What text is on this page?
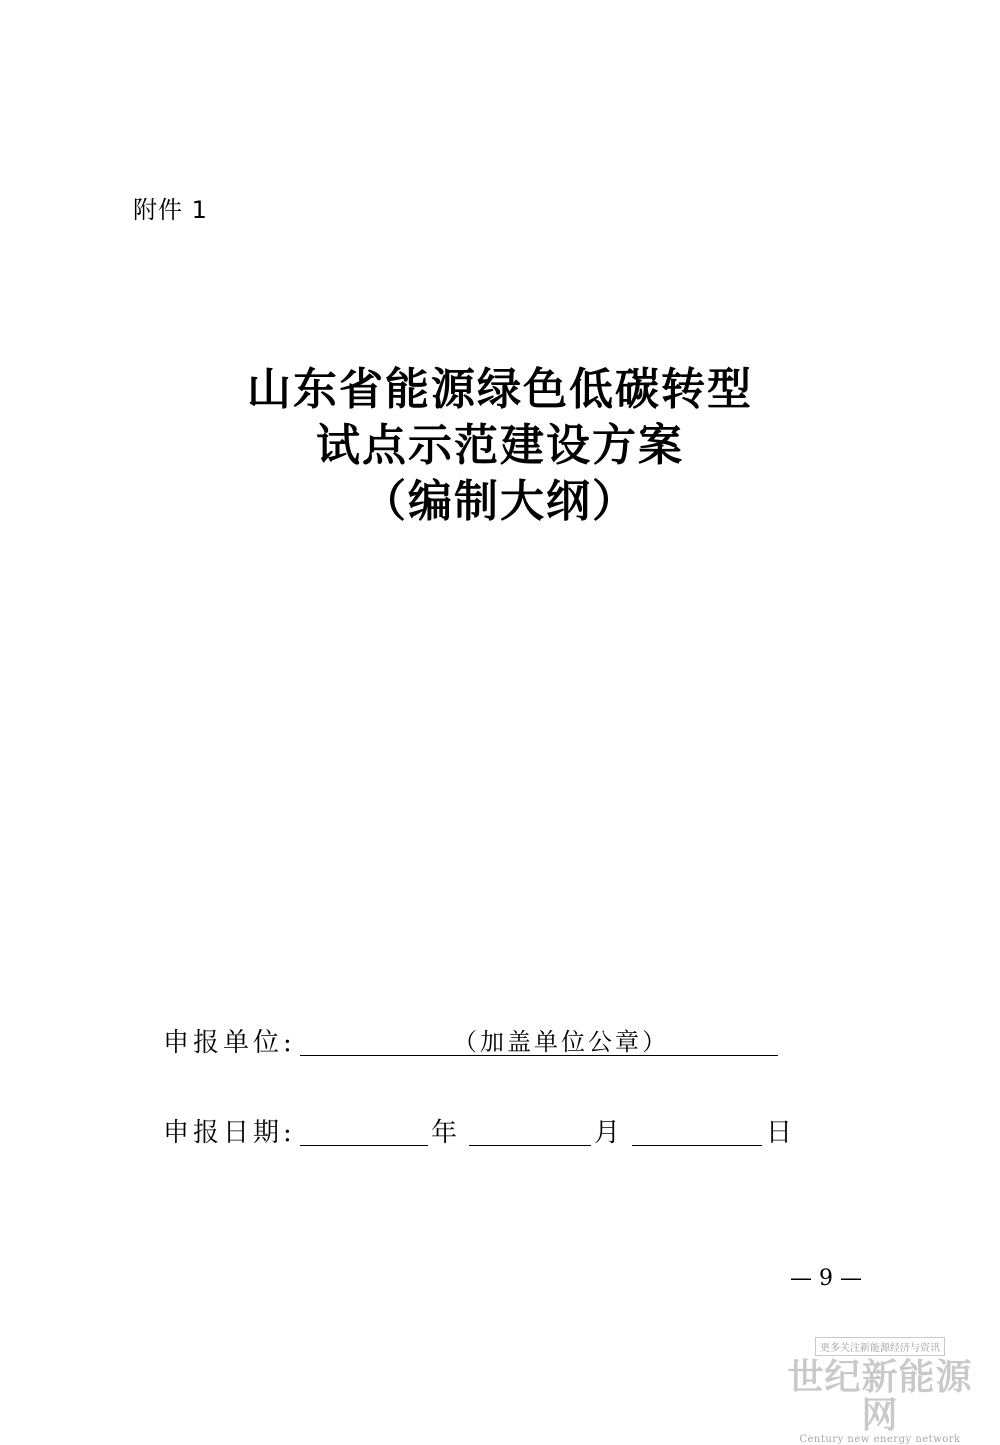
附件 1
山东省能源绿色低碳转型
试点示范建设方案
（编制大纲）
申报单位:	（加盖单位公章）
申报日期:	年	月	日
— 9 —
更多关注新能源经济与资讯
世纪新能源网
Century new energy network
